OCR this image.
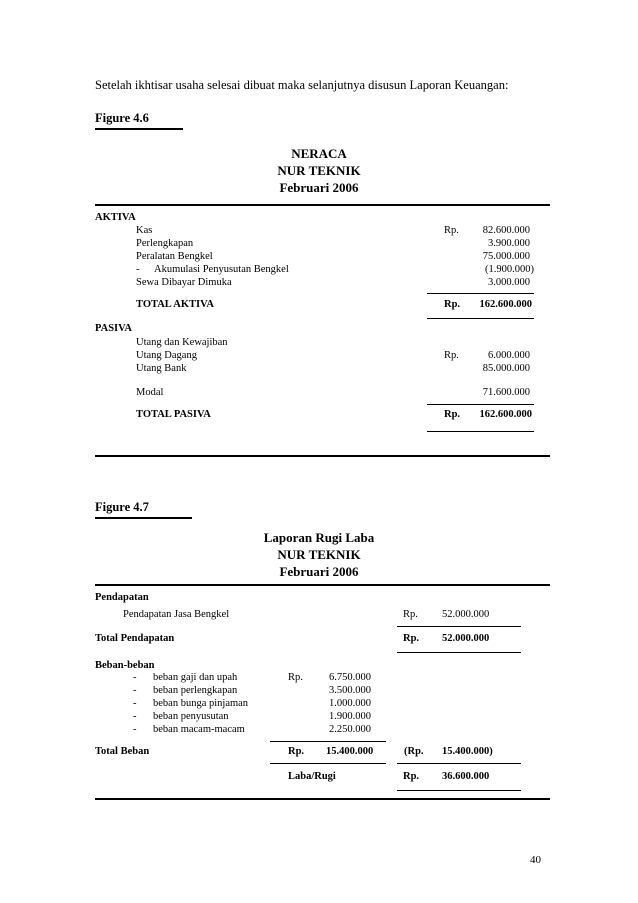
Setelah ikhtisar usaha selesai dibuat maka selanjutnya disusun Laporan Keuangan:
Figure 4.6
NERACA
NUR TEKNIK
Februari 2006
AKTIVA
Kas	Rp.	82.600.000
Perlengkapan	3.900.000
Peralatan Bengkel	75.000.000
- Akumulasi Penyusutan Bengkel	(1.900.000)
Sewa Dibayar Dimuka	3.000.000
TOTAL AKTIVA	Rp.	162.600.000
PASIVA
Utang dan Kewajiban
Utang Dagang	Rp.	6.000.000
Utang Bank	85.000.000
Modal	71.600.000
TOTAL PASIVA	Rp.	162.600.000
Figure 4.7
Laporan Rugi Laba
NUR TEKNIK
Februari 2006
Pendapatan
Pendapatan Jasa Bengkel	Rp. 52.000.000
Total Pendapatan	Rp. 52.000.000
Beban-beban
- beban gaji dan upah	Rp. 6.750.000
- beban perlengkapan	3.500.000
- beban bunga pinjaman	1.000.000
- beban penyusutan	1.900.000
- beban macam-macam	2.250.000
Total Beban	Rp. 15.400.000	(Rp. 15.400.000)
Laba/Rugi	Rp. 36.600.000
40
